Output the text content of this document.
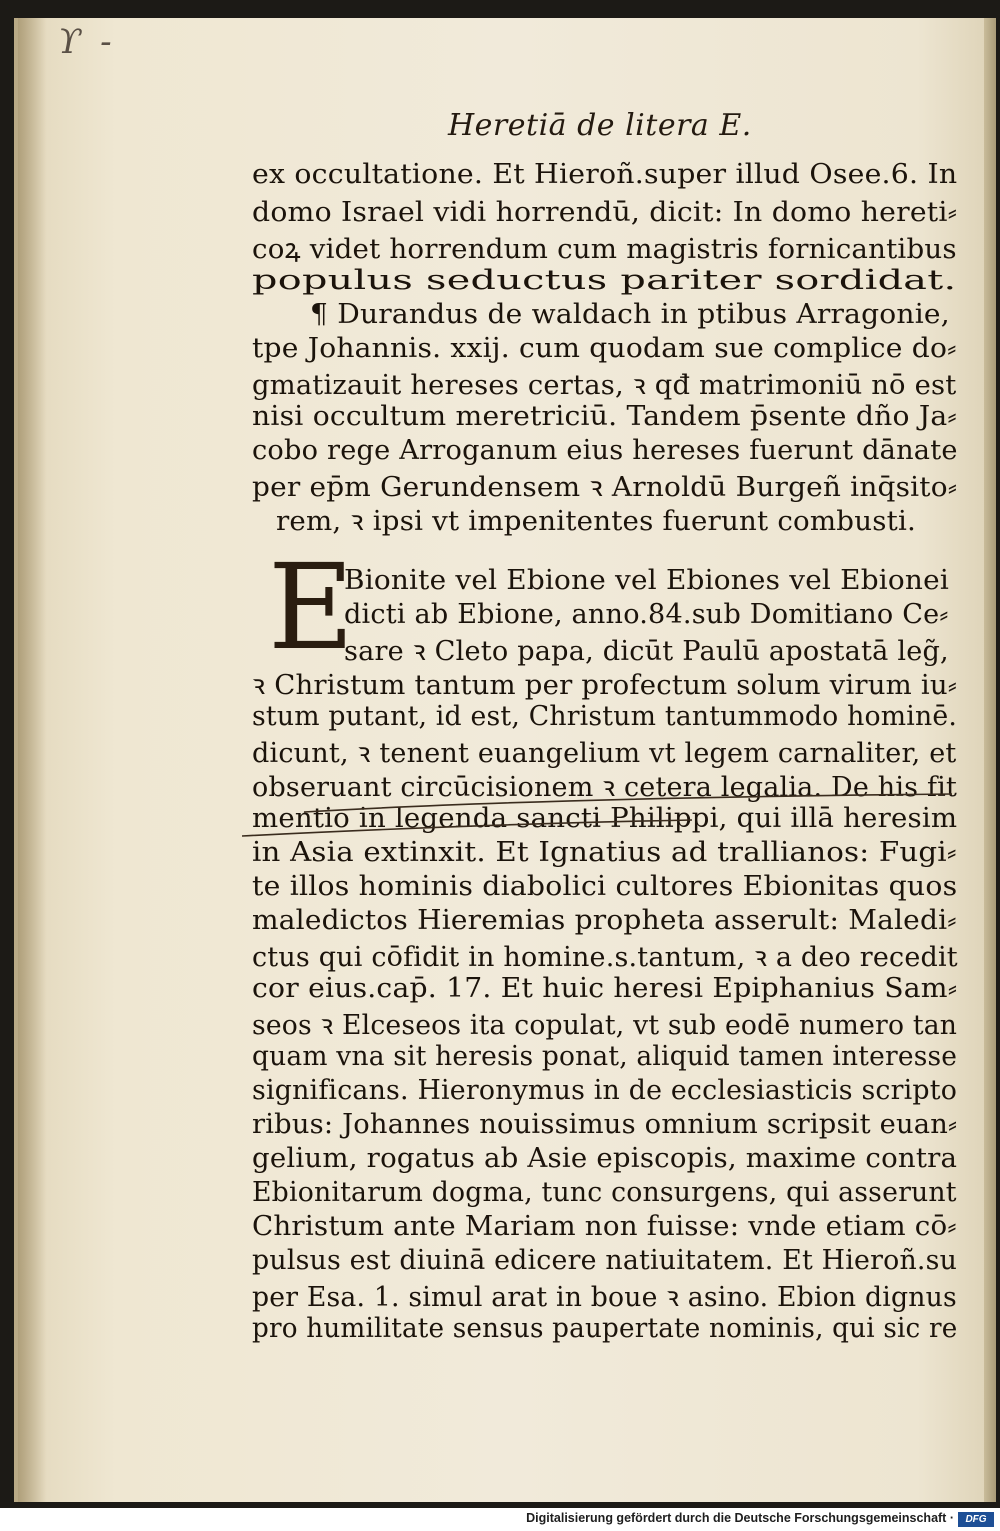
ϒ -
Heretiā de litera E.
E
ex occultatione. Et Hieroñ.super illud Osee.6. In
domo Israel vidi horrendū, dicit: In domo hereti⸗
coꝝ videt horrendum cum magistris fornicantibus
populus seductus pariter sordidat.
¶ Durandus de waldach in ptibus Arragonie,
tpe Johannis. xxij. cum quodam sue complice do⸗
gmatizauit hereses certas, ꝛ qđ matrimoniū nō est
nisi occultum meretriciū. Tandem p̄sente dño Ja⸗
cobo rege Arroganum eius hereses fuerunt dānate
per ep̄m Gerundensem ꝛ Arnoldū Burgeñ inq̄sito⸗
rem, ꝛ ipsi vt impenitentes fuerunt combusti.
Bionite vel Ebione vel Ebiones vel Ebionei
dicti ab Ebione, anno.84.sub Domitiano Ce⸗
sare ꝛ Cleto papa, dicūt Paulū apostatā leg̃,
ꝛ Christum tantum per profectum solum virum iu⸗
stum putant, id est, Christum tantummodo hominē.
dicunt, ꝛ tenent euangelium vt legem carnaliter, et
obseruant circūcisionem ꝛ cetera legalia. De his fit
mentio in legenda sancti Philippi, qui illā heresim
in Asia extinxit. Et Ignatius ad trallianos: Fugi⸗
te illos hominis diabolici cultores Ebionitas quos
maledictos Hieremias propheta asserult: Maledi⸗
ctus qui cōfidit in homine.s.tantum, ꝛ a deo recedit
cor eius.cap̄. 17. Et huic heresi Epiphanius Sam⸗
seos ꝛ Elceseos ita copulat, vt sub eodē numero tan
quam vna sit heresis ponat, aliquid tamen interesse
significans. Hieronymus in de ecclesiasticis scripto
ribus: Johannes nouissimus omnium scripsit euan⸗
gelium, rogatus ab Asie episcopis, maxime contra
Ebionitarum dogma, tunc consurgens, qui asserunt
Christum ante Mariam non fuisse: vnde etiam cō⸗
pulsus est diuinā edicere natiuitatem. Et Hieroñ.su
per Esa. 1. simul arat in boue ꝛ asino. Ebion dignus
pro humilitate sensus paupertate nominis, qui sic re
Digitalisierung gefördert durch die Deutsche Forschungsgemeinschaft ·	DFG
